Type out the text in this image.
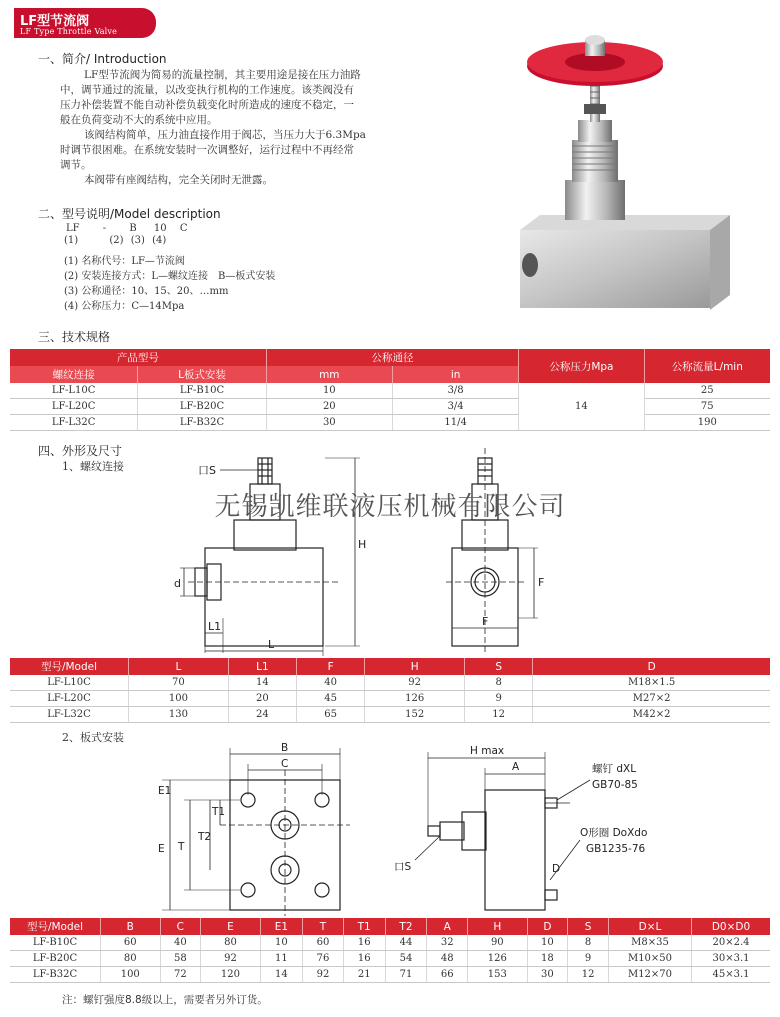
LF型节流阀
LF Type Throttle Valve
一、简介/ Introduction
LF型节流阀为简易的流量控制，其主要用途是接在压力油路
中，调节通过的流量，以改变执行机构的工作速度。该类阀没有
压力补偿装置不能自动补偿负载变化时所造成的速度不稳定，一
般在负荷变动不大的系统中应用。
该阀结构简单，压力油直接作用于阀芯，当压力大于6.3Mpa
时调节很困难。在系统安装时一次调整好，运行过程中不再经常
调节。
本阀带有座阀结构，完全关闭时无泄露。
二、型号说明/Model description
LF - B 10 C
(1)	(2) (3) (4)
(1) 名称代号：LF—节流阀
(2) 安装连接方式：L—螺纹连接　B—板式安装
(3) 公称通径：10、15、20、…mm
(4) 公称压力：C—14Mpa
三、技术规格
产品型号		公称通径		公称压力Mpa	公称流量L/min
螺纹连接	L板式安装	mm	in		
LF-L10C	LF-B10C	10	3/8	14	25
LF-L20C	LF-B20C	20	3/4		75
LF-L32C	LF-B32C	30	11/4		190
四、外形及尺寸
1、螺纹连接	口S
H
d
L1
L
F
F
无锡凯维联液压机械有限公司
型号/Model	L	L1	F	H	S	D
LF-L10C	70	14	40	92	8	M18×1.5
LF-L20C	100	20	45	126	9	M27×2
LF-L32C	130	24	65	152	12	M42×2
2、板式安装
B
C
E1
T1
T2
T
E
H max
A
口S	D
螺钉 dXL
GB70-85
O形圈 DoXdo
GB1235-76
型号/Model	B	C	E	E1	T	T1	T2	A	H	D	S	D×L	D0×D0
LF-B10C	60	40	80	10	60	16	44	32	90	10	8	M8×35	20×2.4
LF-B20C	80	58	92	11	76	16	54	48	126	18	9	M10×50	30×3.1
LF-B32C	100	72	120	14	92	21	71	66	153	30	12	M12×70	45×3.1
注：螺钉强度8.8级以上，需要者另外订货。
